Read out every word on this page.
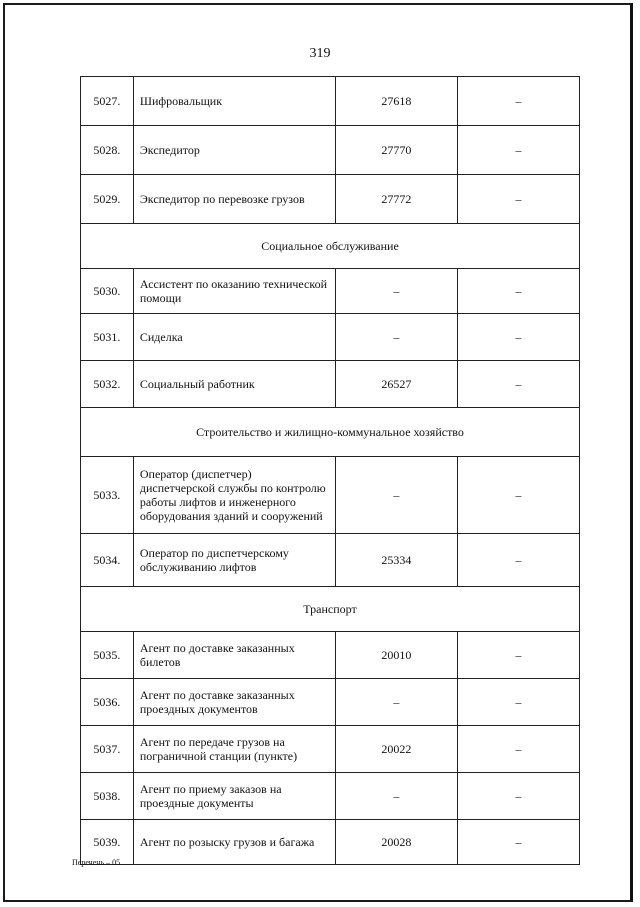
319
5027.	Шифровальщик	27618	–
5028.	Экспедитор	27770	–
5029.	Экспедитор по перевозке грузов	27772	–
Социальное обслуживание			
5030.	Ассистент по оказанию технической помощи	–	–
5031.	Сиделка	–	–
5032.	Социальный работник	26527	–
Строительство и жилищно-коммунальное хозяйство			
5033.	Оператор (диспетчер) диспетчерской службы по контролю работы лифтов и инженерного оборудования зданий и сооружений	–	–
5034.	Оператор по диспетчерскому обслуживанию лифтов	25334	–
Транспорт			
5035.	Агент по доставке заказанных билетов	20010	–
5036.	Агент по доставке заказанных проездных документов	–	–
5037.	Агент по передаче грузов на пограничной станции (пункте)	20022	–
5038.	Агент по приему заказов на проездные документы	–	–
5039.	Агент по розыску грузов и багажа	20028	–
Перечень – 05
